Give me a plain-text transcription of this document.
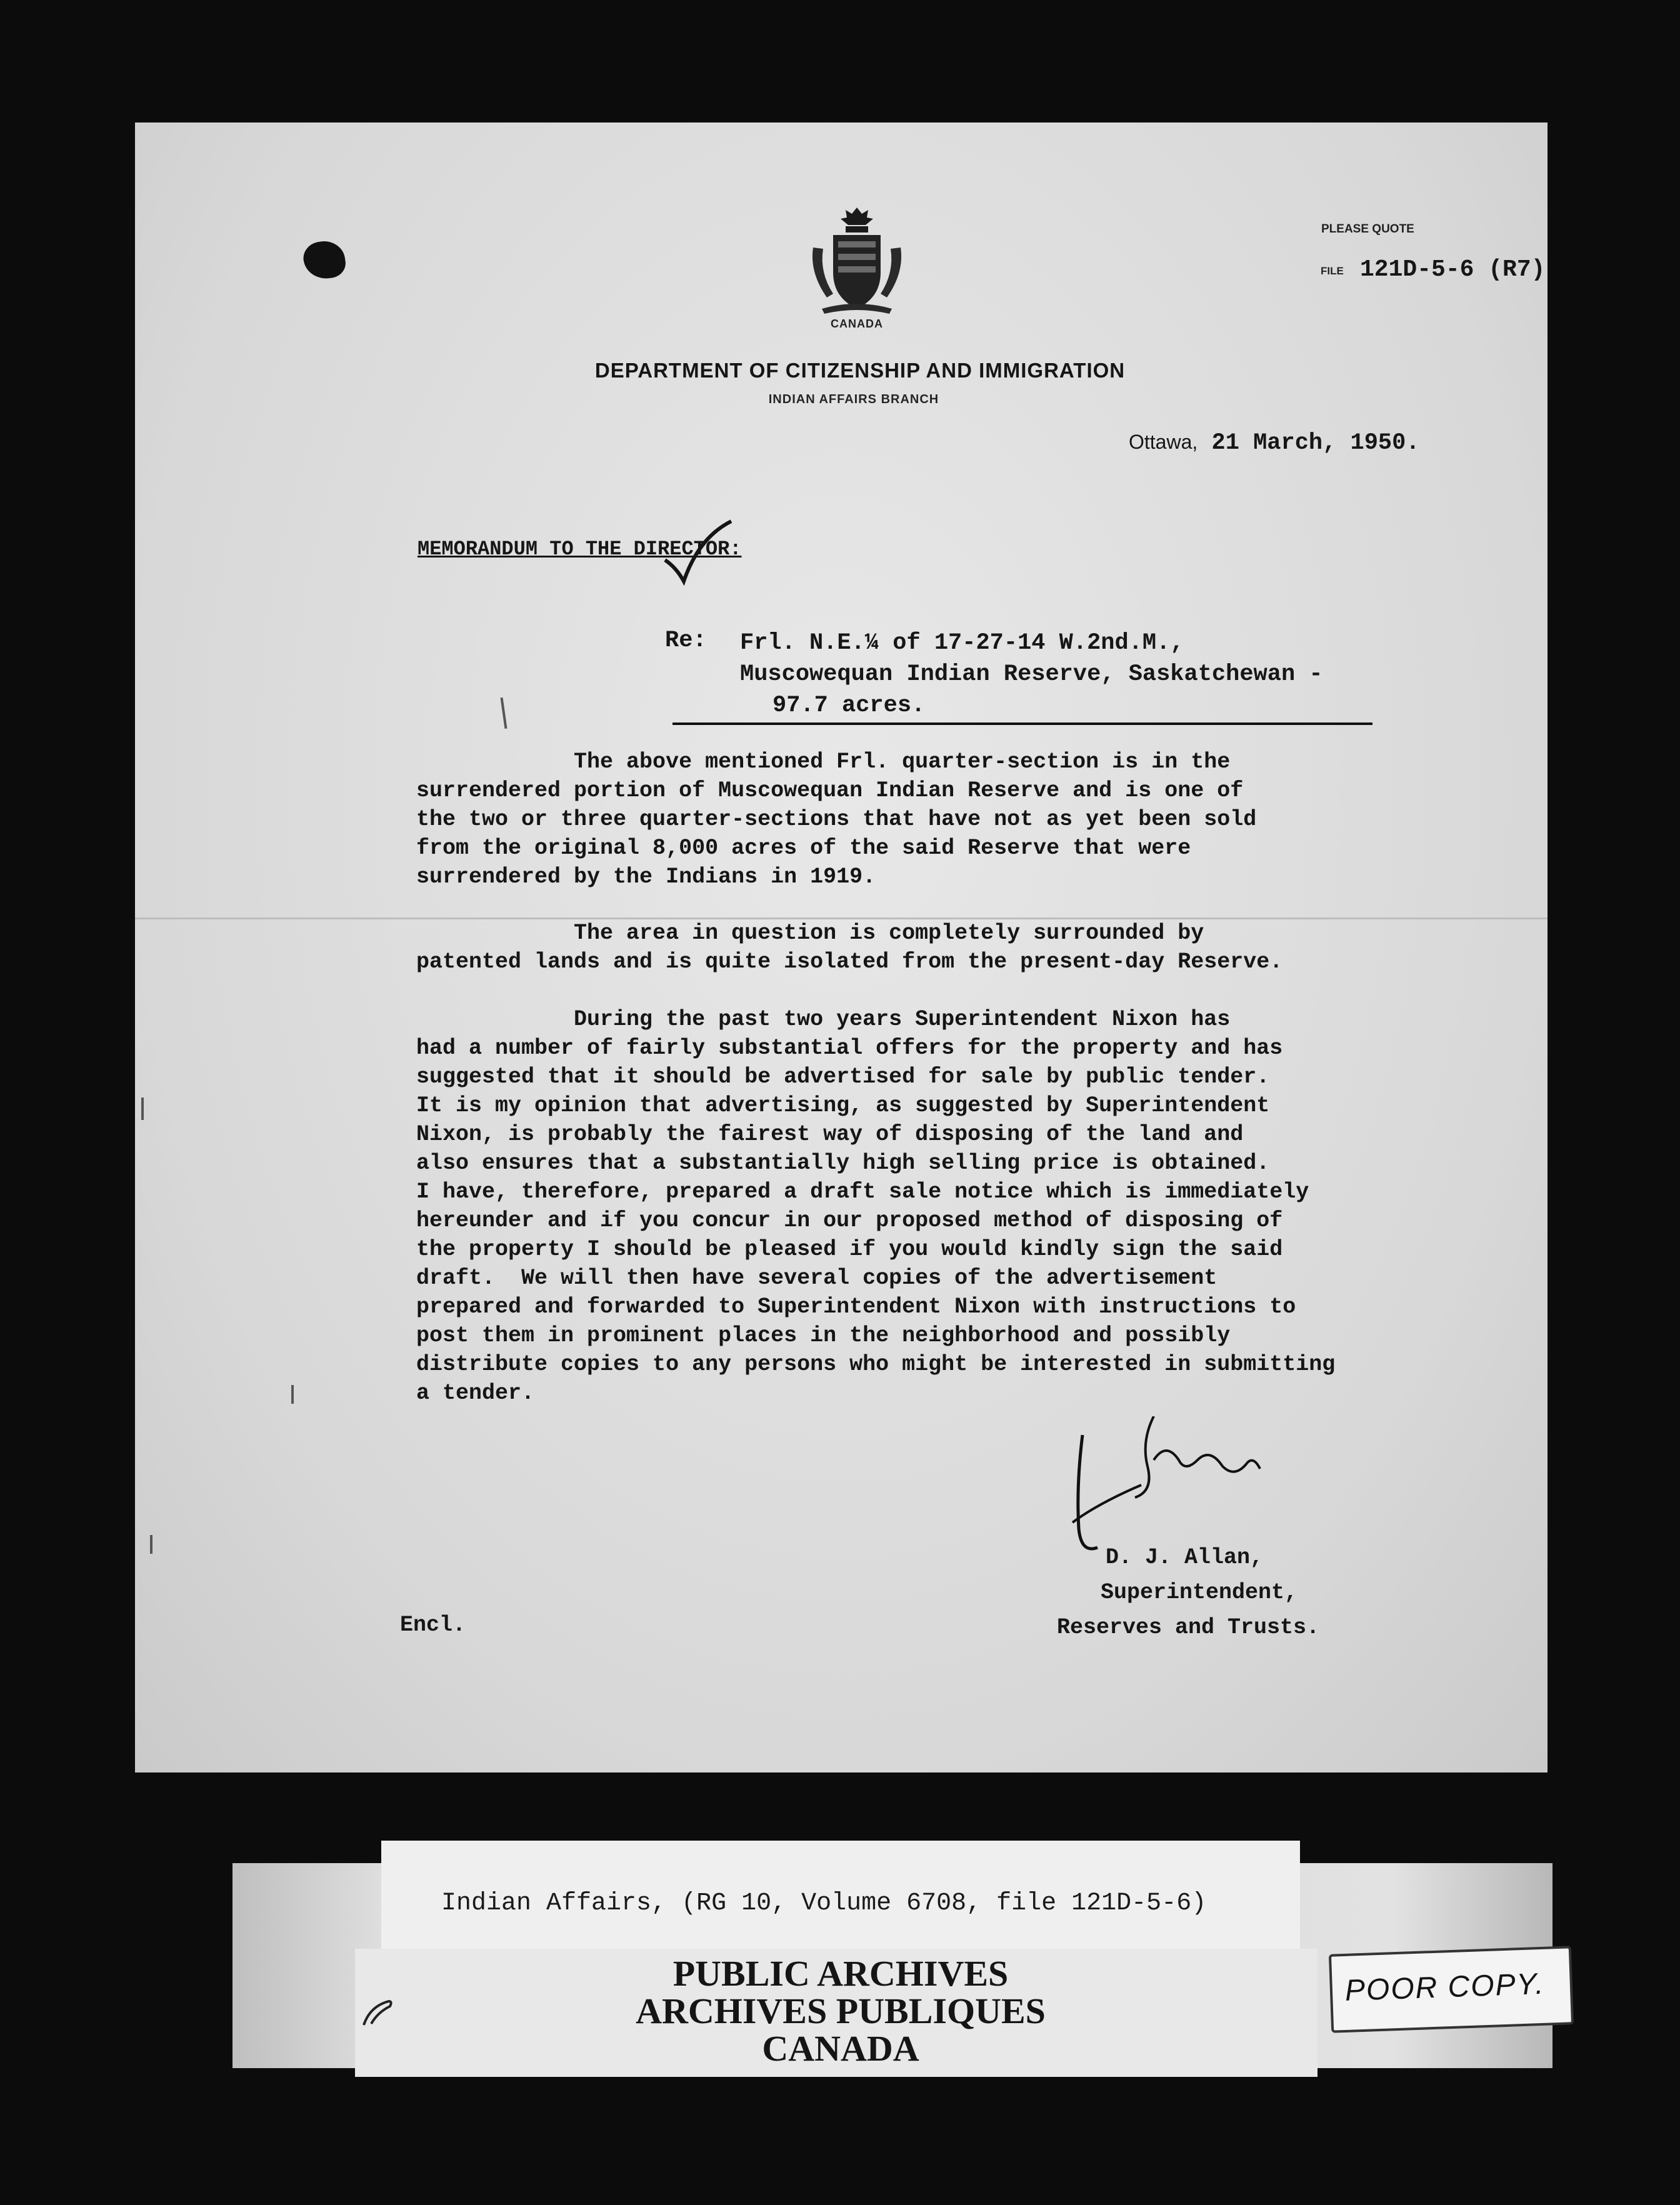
CANADA
DEPARTMENT OF CITIZENSHIP AND IMMIGRATION
INDIAN AFFAIRS BRANCH
PLEASE QUOTE
FILE 121D-5-6 (R7)
Ottawa, 21 March, 1950.
MEMORANDUM TO THE DIRECTOR:
Re: Frl. N.E.¼ of 17-27-14 W.2nd.M.,
Muscowequan Indian Reserve, Saskatchewan -
97.7 acres.
The above mentioned Frl. quarter-section is in the
surrendered portion of Muscowequan Indian Reserve and is one of
the two or three quarter-sections that have not as yet been sold
from the original 8,000 acres of the said Reserve that were
surrendered by the Indians in 1919.
The area in question is completely surrounded by
patented lands and is quite isolated from the present-day Reserve.
During the past two years Superintendent Nixon has
had a number of fairly substantial offers for the property and has
suggested that it should be advertised for sale by public tender.
It is my opinion that advertising, as suggested by Superintendent
Nixon, is probably the fairest way of disposing of the land and
also ensures that a substantially high selling price is obtained.
I have, therefore, prepared a draft sale notice which is immediately
hereunder and if you concur in our proposed method of disposing of
the property I should be pleased if you would kindly sign the said
draft.  We will then have several copies of the advertisement
prepared and forwarded to Superintendent Nixon with instructions to
post them in prominent places in the neighborhood and possibly
distribute copies to any persons who might be interested in submitting
a tender.
D. J. Allan,
Superintendent,
Reserves and Trusts.
Encl.
Indian Affairs, (RG 10, Volume 6708, file 121D-5-6)
PUBLIC ARCHIVES
ARCHIVES PUBLIQUES
CANADA
POOR COPY.
